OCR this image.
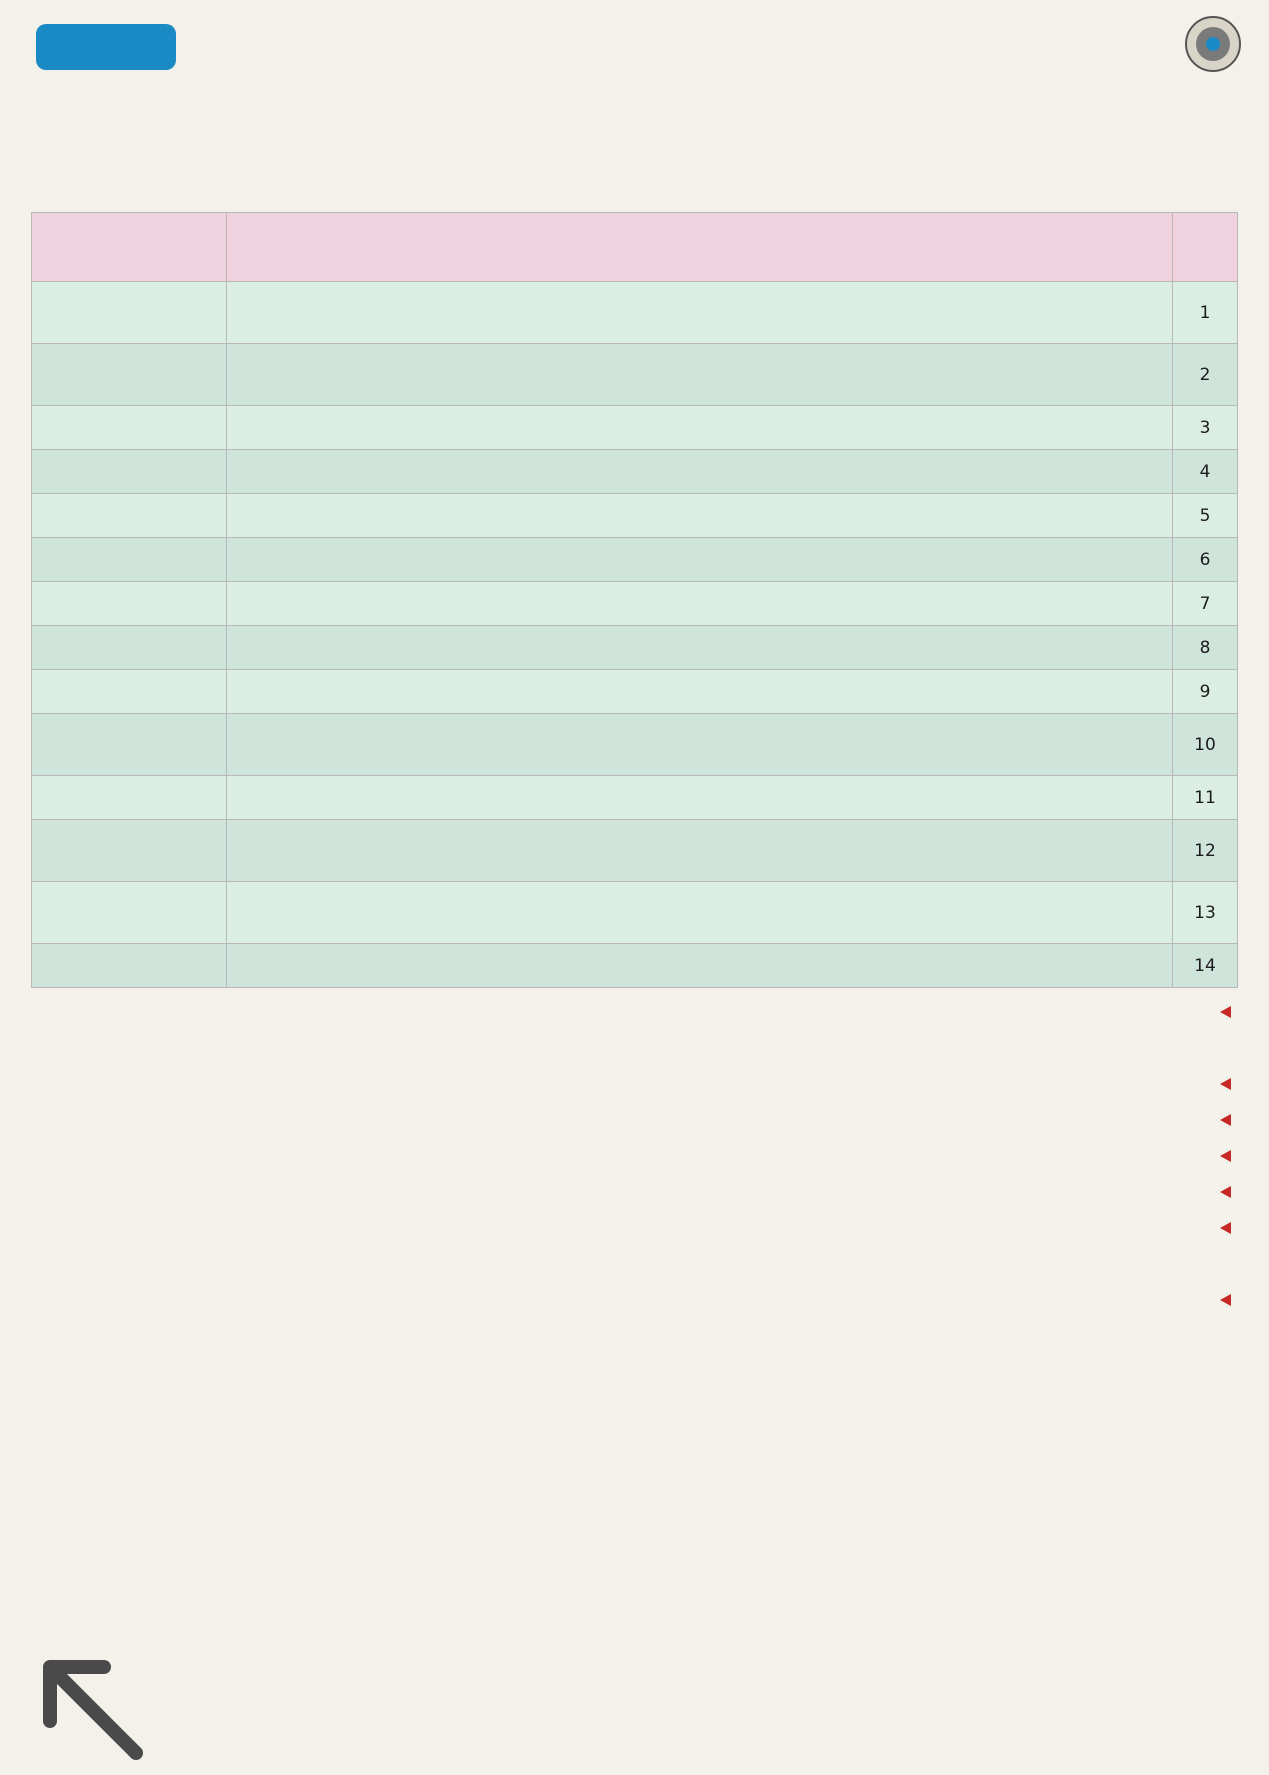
1		
2		
3		
4		
5		
6		
7		
8		
9		
10		
11		
12		
13		
14		
